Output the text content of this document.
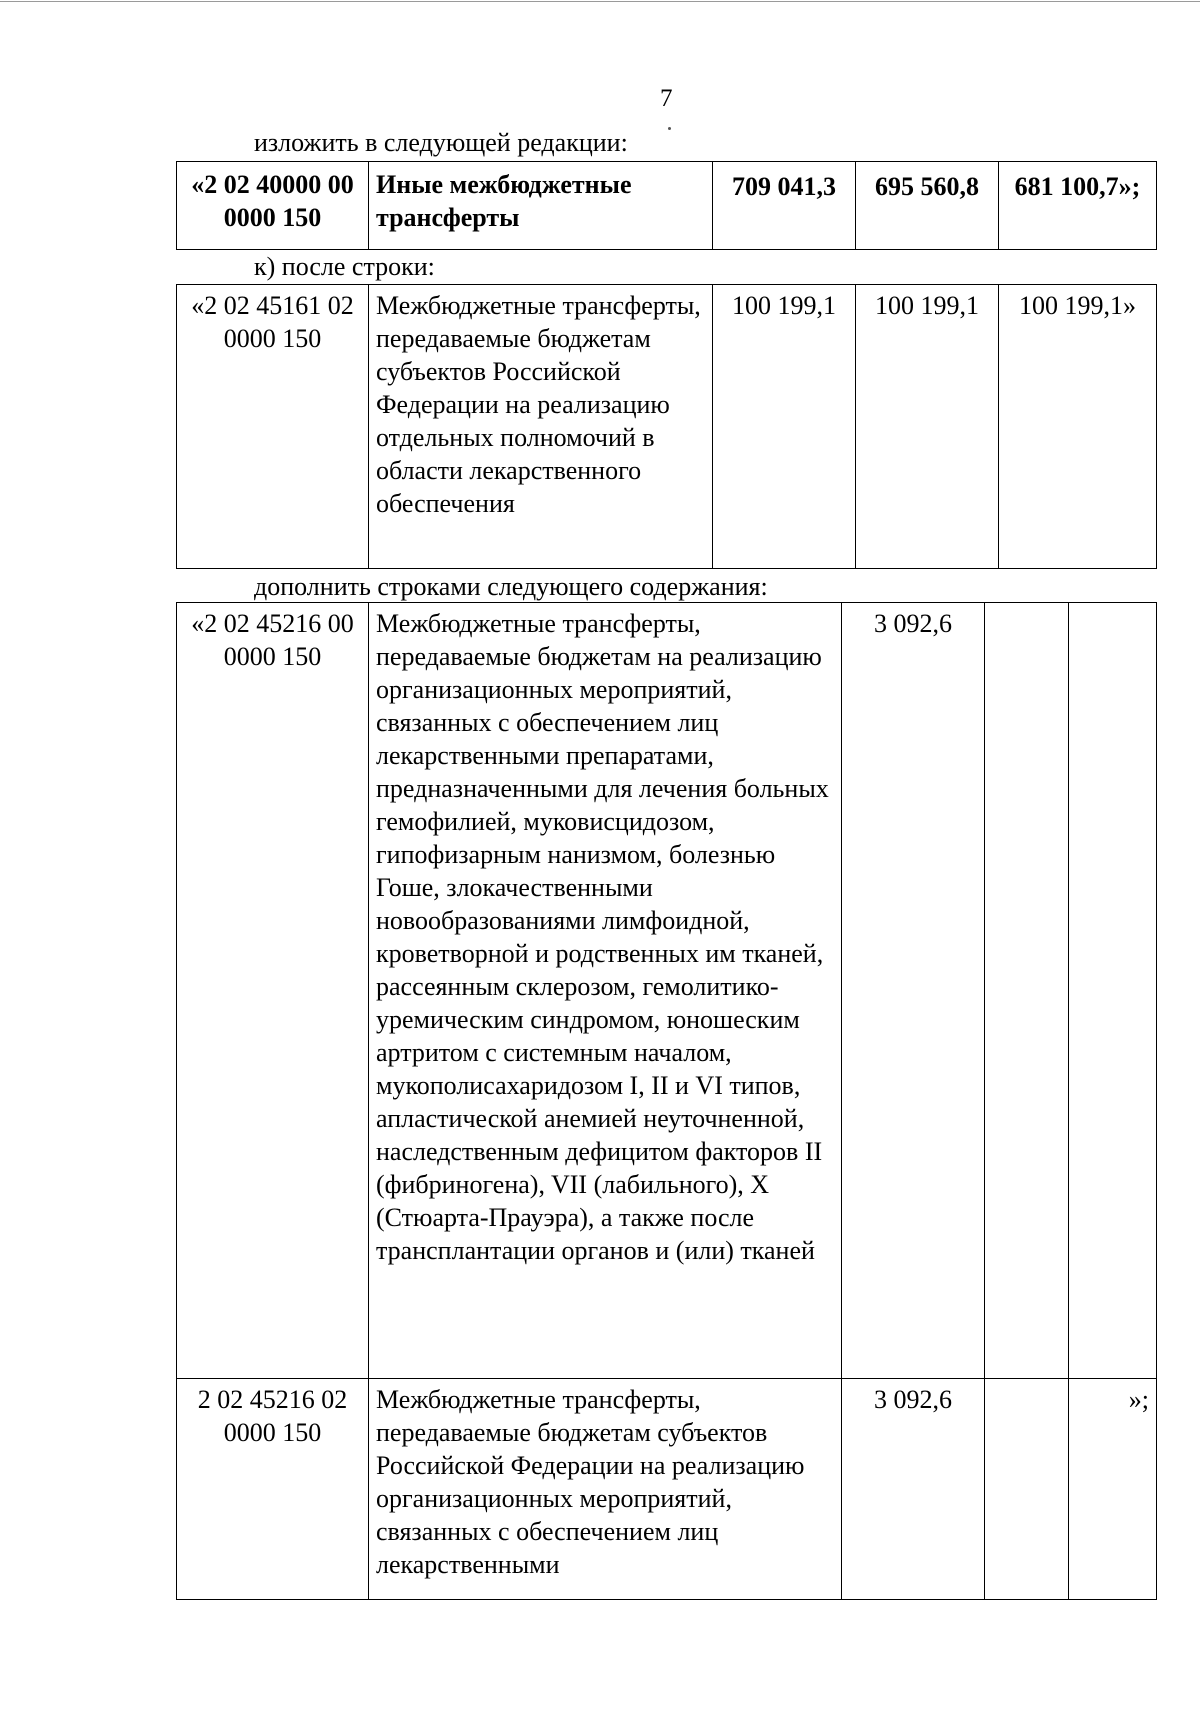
7
изложить в следующей редакции:
«2 02 40000 00 0000 150	Иные межбюджетные трансферты	709 041,3	695 560,8	681 100,7»;
к) после строки:
«2 02 45161 02 0000 150	Межбюджетные трансферты, передаваемые бюджетам субъектов Российской Федерации на реализацию отдельных полномочий в области лекарственного обеспечения	100 199,1	100 199,1	100 199,1»
дополнить строками следующего содержания:
«2 02 45216 00 0000 150	Межбюджетные трансферты, передаваемые бюджетам на реализацию организационных мероприятий, связанных с обеспечением лиц лекарственными препаратами, предназначенными для лечения больных гемофилией, муковисцидозом, гипофизарным нанизмом, болезнью Гоше, злокачественными новообразованиями лимфоидной, кроветворной и родственных им тканей, рассеянным склерозом, гемолитико-уремическим синдромом, юношеским артритом с системным началом, мукополисахаридозом I, II и VI типов, апластической анемией неуточненной, наследственным дефицитом факторов II (фибриногена), VII (лабильного), X (Стюарта-Прауэра), а также после трансплантации органов и (или) тканей	3 092,6		
2 02 45216 02 0000 150	Межбюджетные трансферты, передаваемые бюджетам субъектов Российской Федерации на реализацию организационных мероприятий, связанных с обеспечением лиц лекарственными	3 092,6		»;
